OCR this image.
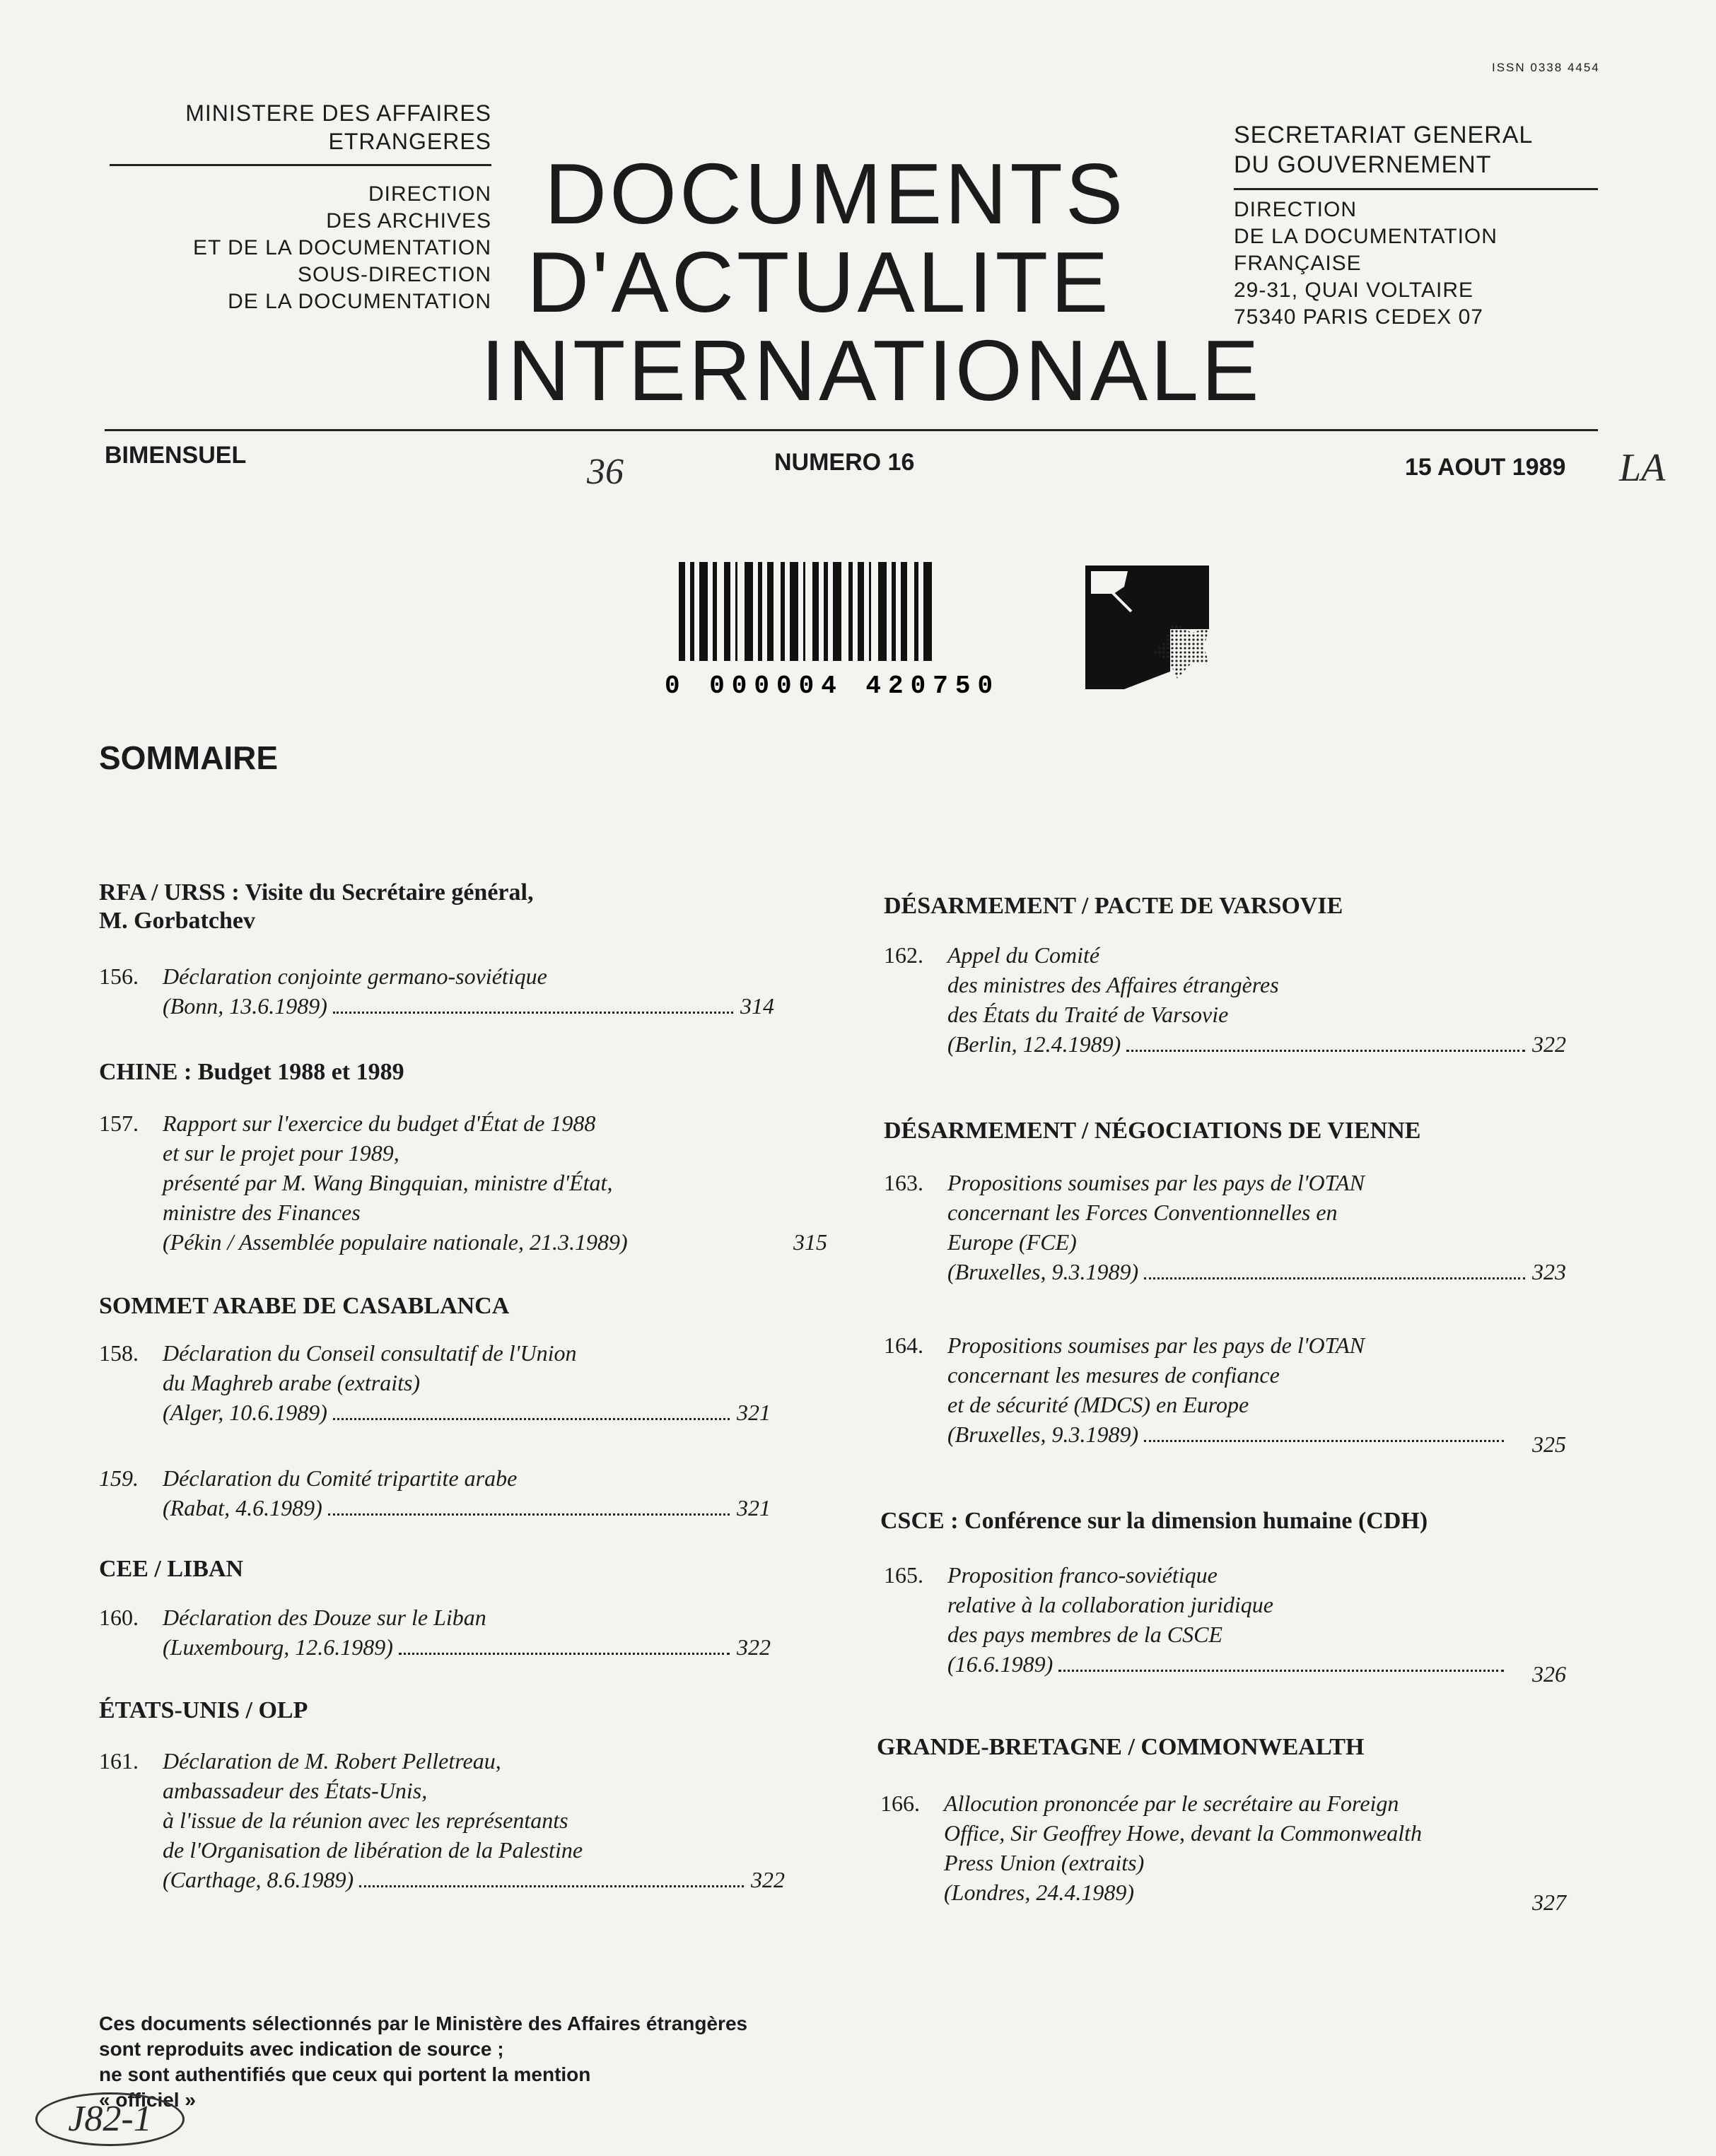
ISSN 0338 4454
MINISTERE DES AFFAIRES
ETRANGERES
DIRECTION
DES ARCHIVES
ET DE LA DOCUMENTATION
SOUS-DIRECTION
DE LA DOCUMENTATION
DOCUMENTS
D'ACTUALITE
INTERNATIONALE
SECRETARIAT GENERAL
DU GOUVERNEMENT
DIRECTION
DE LA DOCUMENTATION
FRANÇAISE
29-31, QUAI VOLTAIRE
75340 PARIS CEDEX 07
BIMENSUEL	36	NUMERO 16	15 AOUT 1989 LA
0 000004 420750
SOMMAIRE
RFA / URSS : Visite du Secrétaire général,
M. Gorbatchev
156. Déclaration conjointe germano-soviétique
(Bonn, 13.6.1989)	314
CHINE : Budget 1988 et 1989
157. Rapport sur l'exercice du budget d'État de 1988
et sur le projet pour 1989,
présenté par M. Wang Bingquian, ministre d'État,
ministre des Finances
(Pékin / Assemblée populaire nationale, 21.3.1989)	315
SOMMET ARABE DE CASABLANCA
158. Déclaration du Conseil consultatif de l'Union
du Maghreb arabe (extraits)
(Alger, 10.6.1989)	321
159. Déclaration du Comité tripartite arabe
(Rabat, 4.6.1989)	321
CEE / LIBAN
160. Déclaration des Douze sur le Liban
(Luxembourg, 12.6.1989)	322
ÉTATS-UNIS / OLP
161. Déclaration de M. Robert Pelletreau,
ambassadeur des États-Unis,
à l'issue de la réunion avec les représentants
de l'Organisation de libération de la Palestine
(Carthage, 8.6.1989)	322
DÉSARMEMENT / PACTE DE VARSOVIE
162. Appel du Comité
des ministres des Affaires étrangères
des États du Traité de Varsovie
(Berlin, 12.4.1989)	322
DÉSARMEMENT / NÉGOCIATIONS DE VIENNE
163. Propositions soumises par les pays de l'OTAN
concernant les Forces Conventionnelles en
Europe (FCE)
(Bruxelles, 9.3.1989)	323
164. Propositions soumises par les pays de l'OTAN
concernant les mesures de confiance
et de sécurité (MDCS) en Europe
(Bruxelles, 9.3.1989)	325
CSCE : Conférence sur la dimension humaine (CDH)
165. Proposition franco-soviétique
relative à la collaboration juridique
des pays membres de la CSCE
(16.6.1989)	326
GRANDE-BRETAGNE / COMMONWEALTH
166. Allocution prononcée par le secrétaire au Foreign
Office, Sir Geoffrey Howe, devant la Commonwealth
Press Union (extraits)
(Londres, 24.4.1989)	327
Ces documents sélectionnés par le Ministère des Affaires étrangères
sont reproduits avec indication de source ;
ne sont authentifiés que ceux qui portent la mention
« officiel »
J82-1
